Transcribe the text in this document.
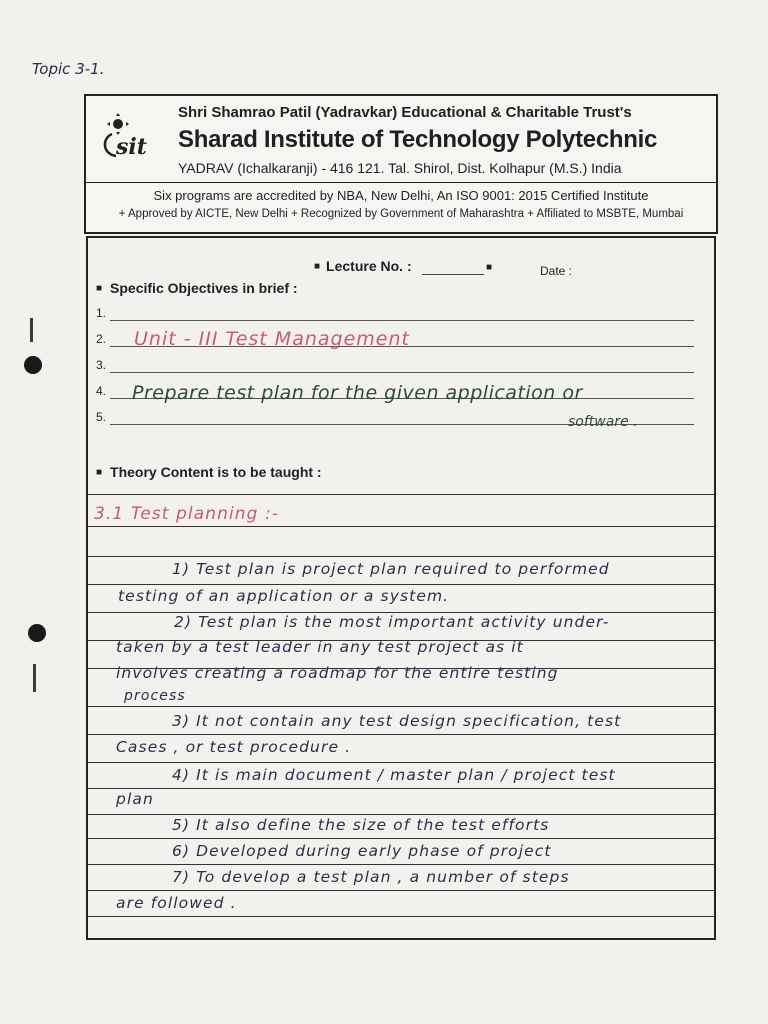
Topic 3-1.
sit
Shri Shamrao Patil (Yadravkar) Educational & Charitable Trust's
Sharad Institute of Technology Polytechnic
YADRAV (Ichalkaranji) - 416 121. Tal. Shirol, Dist. Kolhapur (M.S.) India
Six programs are accredited by NBA, New Delhi, An ISO 9001: 2015 Certified Institute
+ Approved by AICTE, New Delhi + Recognized by Government of Maharashtra + Affiliated to MSBTE, Mumbai
■ Lecture No. :	■	Date :
■ Specific Objectives in brief :
1.
2.
3.
4.
5.
Unit - III Test Management
Prepare test plan for the given application or
software .
■ Theory Content is to be taught :
3.1 Test planning :-
1) Test plan is project plan required to performed
testing of an application or a system.
2) Test plan is the most important activity under-
taken by a test leader in any test project as it
involves creating a roadmap for the entire testing
process
3) It not contain any test design specification, test
Cases , or test procedure .
4) It is main document / master plan / project test
plan
5) It also define the size of the test efforts
6) Developed during early phase of project
7) To develop a test plan , a number of steps
are followed .
